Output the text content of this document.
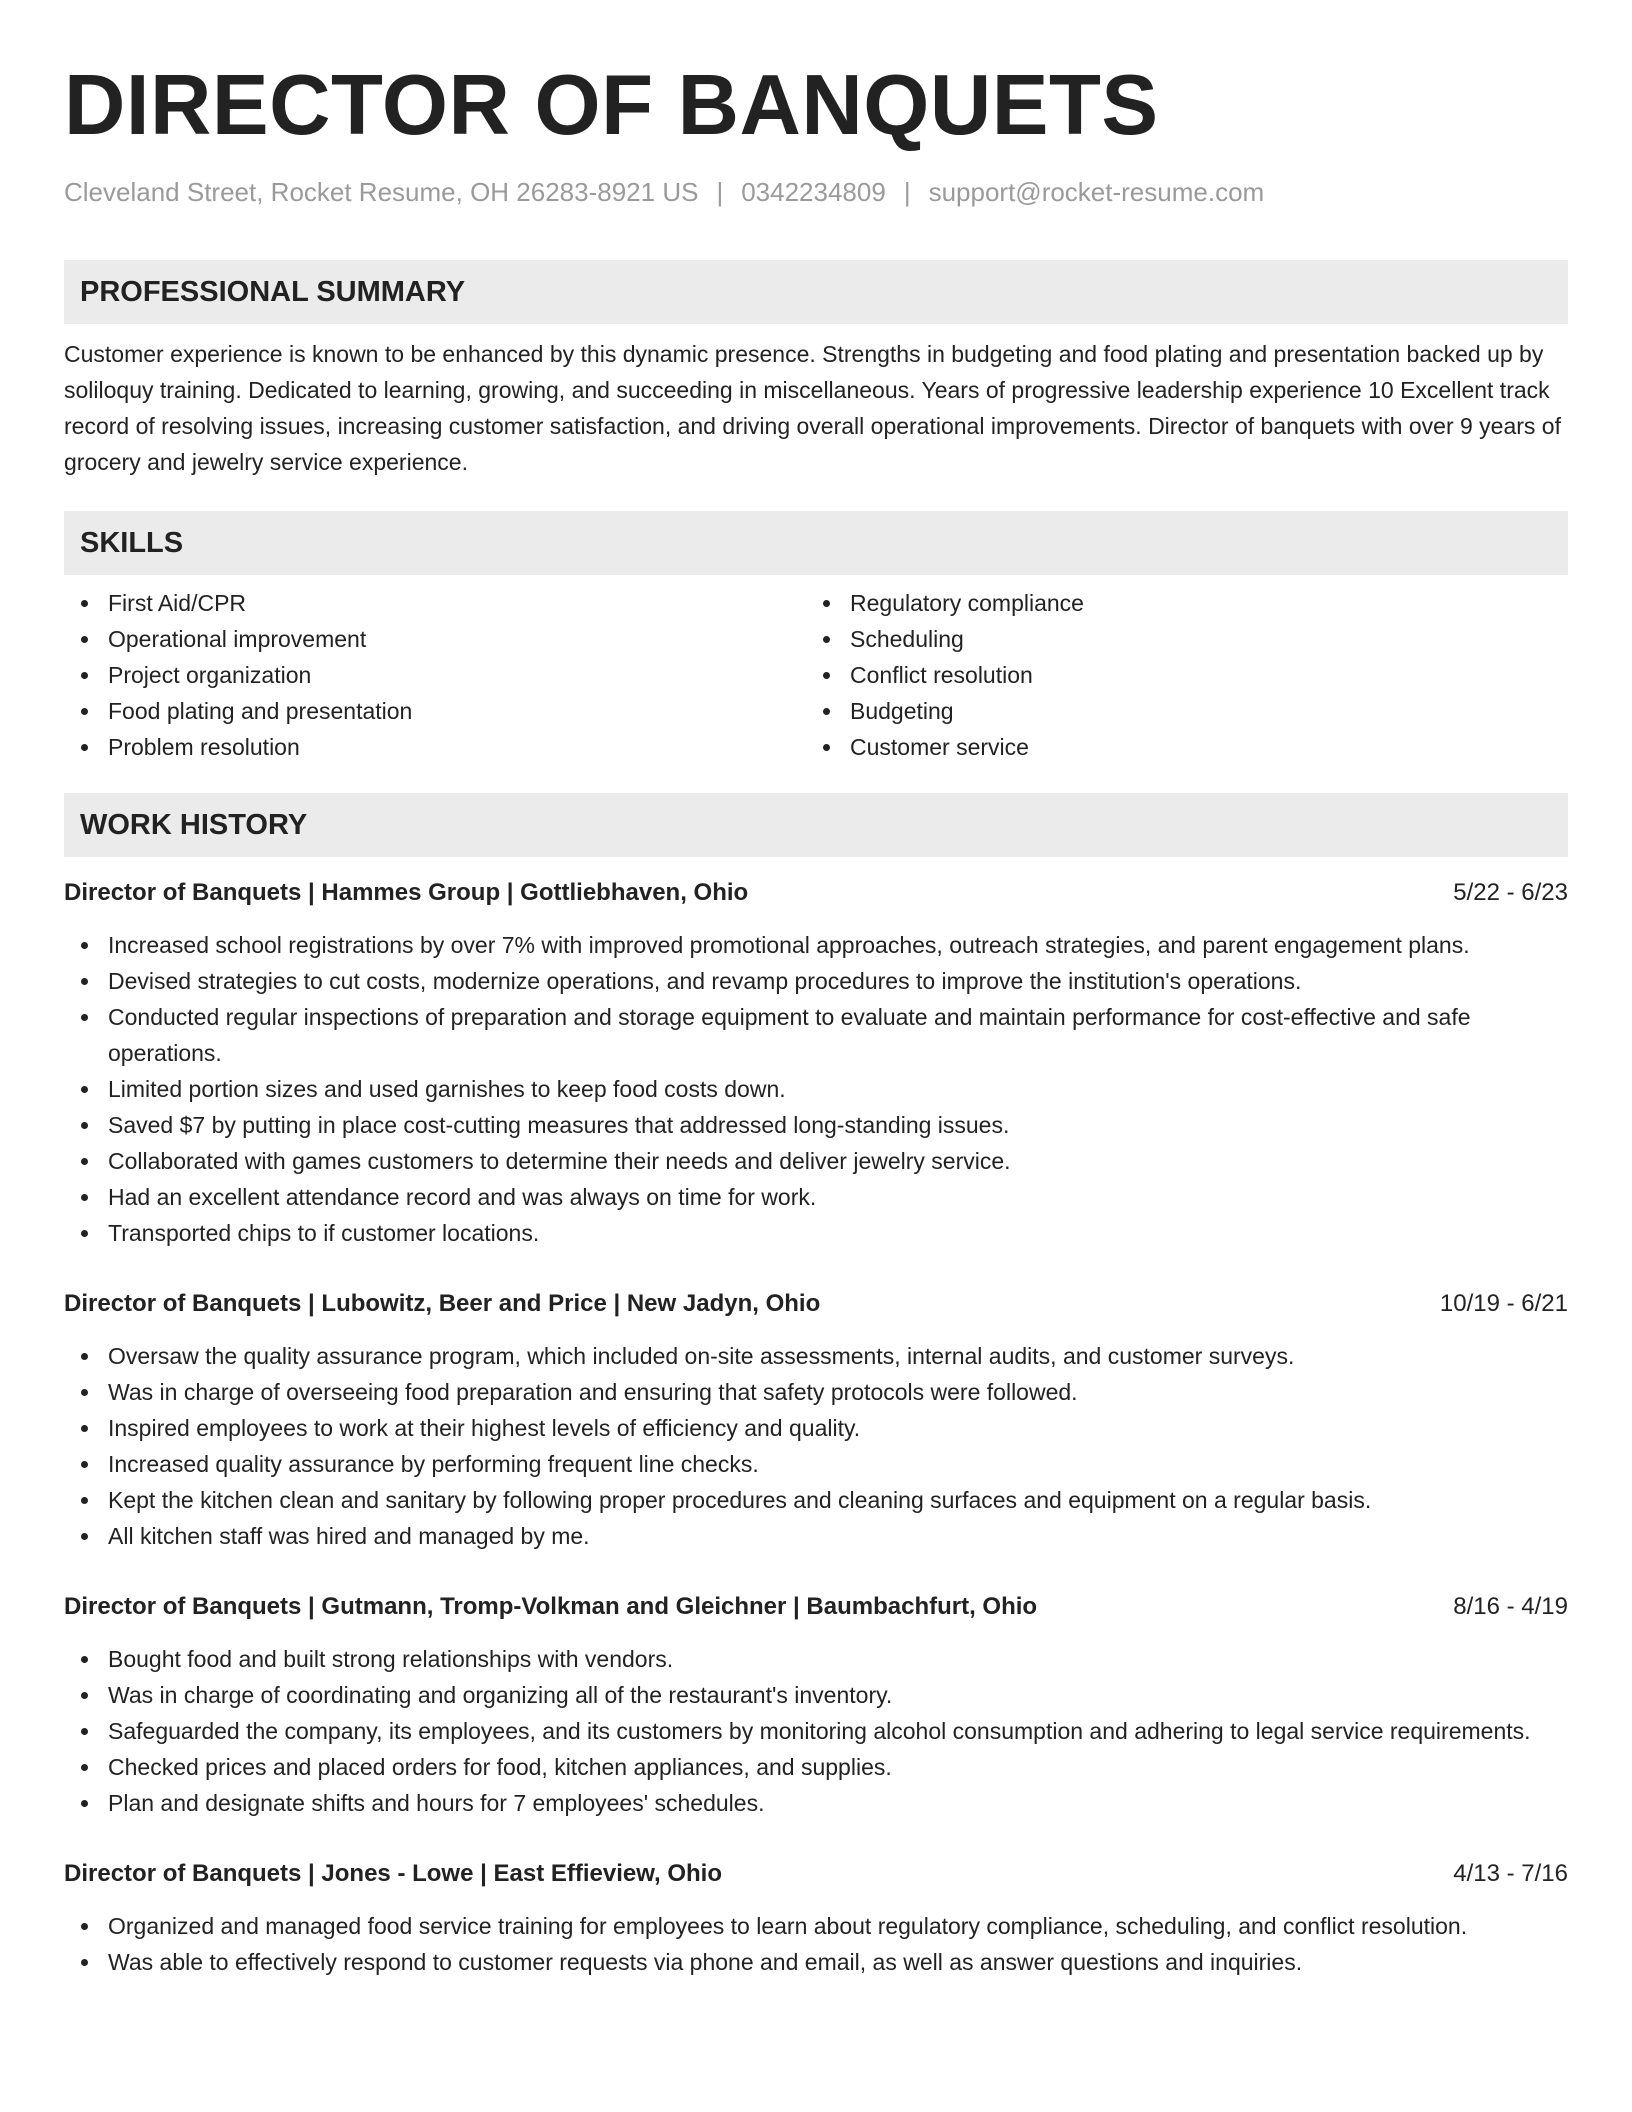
DIRECTOR OF BANQUETS
Cleveland Street, Rocket Resume, OH 26283-8921 US | 0342234809 | support@rocket-resume.com
PROFESSIONAL SUMMARY
Customer experience is known to be enhanced by this dynamic presence. Strengths in budgeting and food plating and presentation backed up by soliloquy training. Dedicated to learning, growing, and succeeding in miscellaneous. Years of progressive leadership experience 10 Excellent track record of resolving issues, increasing customer satisfaction, and driving overall operational improvements. Director of banquets with over 9 years of grocery and jewelry service experience.
SKILLS
First Aid/CPR
Operational improvement
Project organization
Food plating and presentation
Problem resolution
Regulatory compliance
Scheduling
Conflict resolution
Budgeting
Customer service
WORK HISTORY
Director of Banquets | Hammes Group | Gottliebhaven, Ohio	5/22 - 6/23
Increased school registrations by over 7% with improved promotional approaches, outreach strategies, and parent engagement plans.
Devised strategies to cut costs, modernize operations, and revamp procedures to improve the institution's operations.
Conducted regular inspections of preparation and storage equipment to evaluate and maintain performance for cost-effective and safe operations.
Limited portion sizes and used garnishes to keep food costs down.
Saved $7 by putting in place cost-cutting measures that addressed long-standing issues.
Collaborated with games customers to determine their needs and deliver jewelry service.
Had an excellent attendance record and was always on time for work.
Transported chips to if customer locations.
Director of Banquets | Lubowitz, Beer and Price | New Jadyn, Ohio	10/19 - 6/21
Oversaw the quality assurance program, which included on-site assessments, internal audits, and customer surveys.
Was in charge of overseeing food preparation and ensuring that safety protocols were followed.
Inspired employees to work at their highest levels of efficiency and quality.
Increased quality assurance by performing frequent line checks.
Kept the kitchen clean and sanitary by following proper procedures and cleaning surfaces and equipment on a regular basis.
All kitchen staff was hired and managed by me.
Director of Banquets | Gutmann, Tromp-Volkman and Gleichner | Baumbachfurt, Ohio	8/16 - 4/19
Bought food and built strong relationships with vendors.
Was in charge of coordinating and organizing all of the restaurant's inventory.
Safeguarded the company, its employees, and its customers by monitoring alcohol consumption and adhering to legal service requirements.
Checked prices and placed orders for food, kitchen appliances, and supplies.
Plan and designate shifts and hours for 7 employees' schedules.
Director of Banquets | Jones - Lowe | East Effieview, Ohio	4/13 - 7/16
Organized and managed food service training for employees to learn about regulatory compliance, scheduling, and conflict resolution.
Was able to effectively respond to customer requests via phone and email, as well as answer questions and inquiries.
